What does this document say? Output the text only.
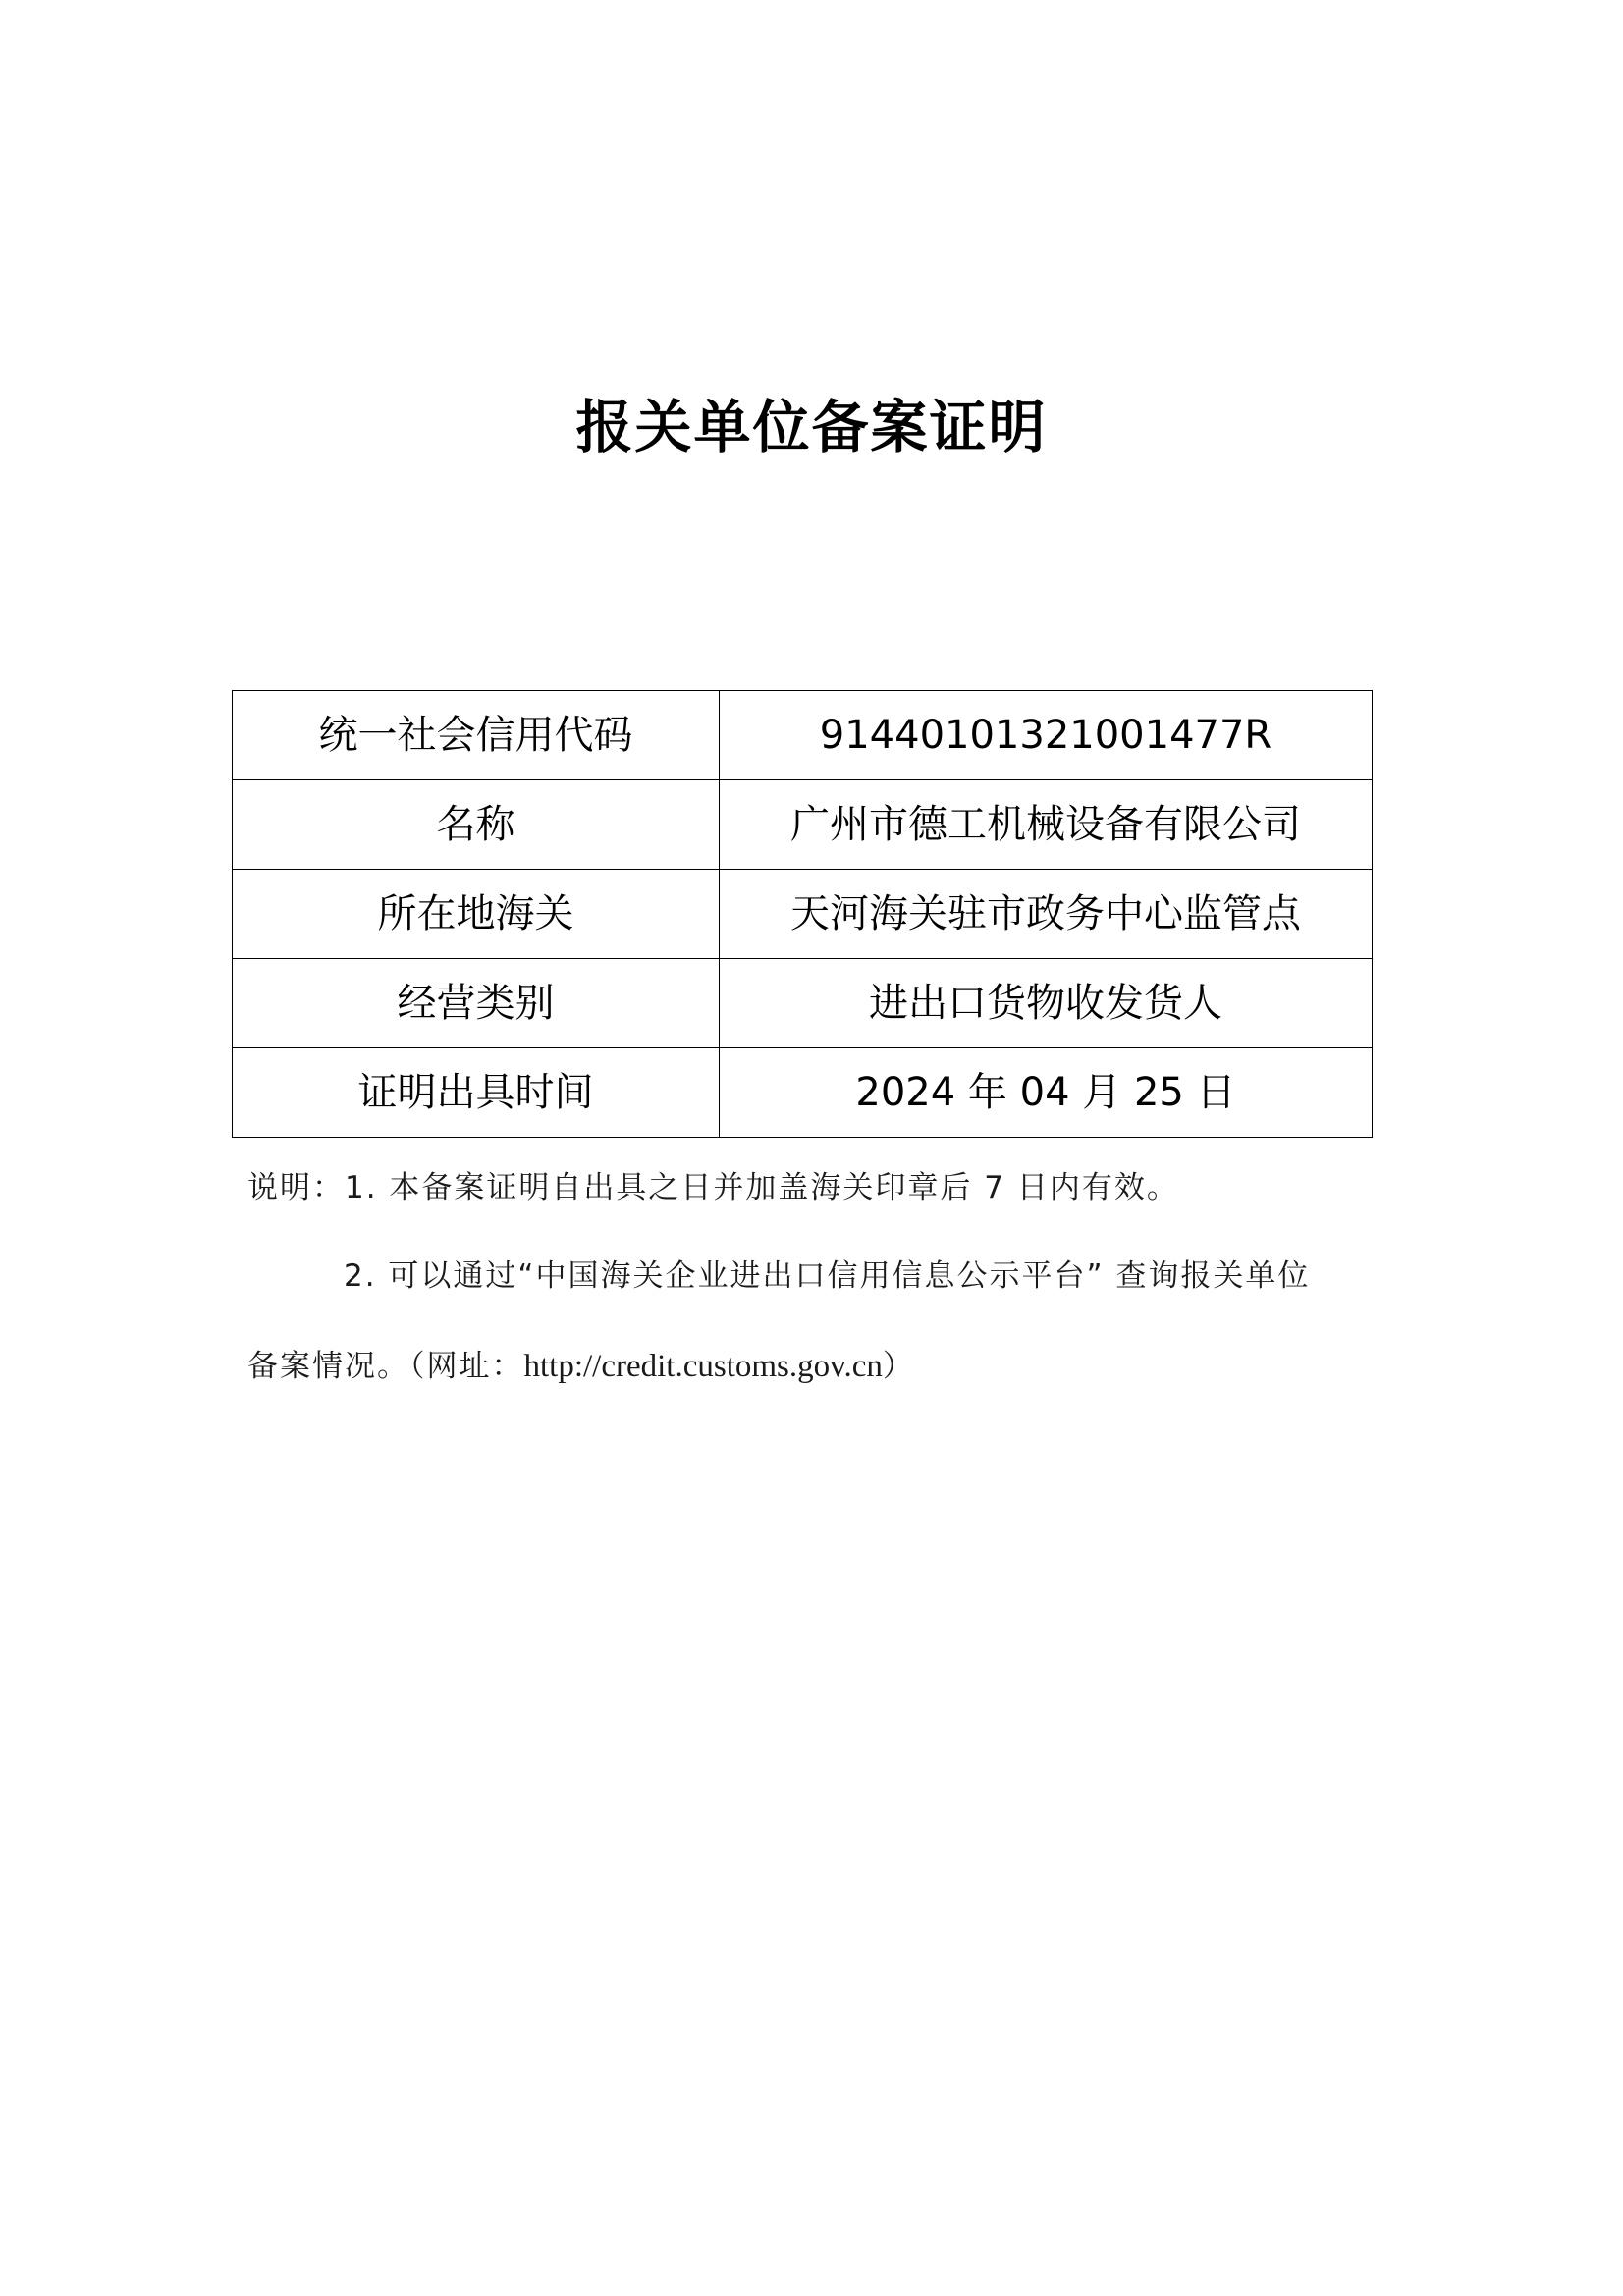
报关单位备案证明
统一社会信用代码	91440101321001477R
名称	广州市德工机械设备有限公司
所在地海关	天河海关驻市政务中心监管点
经营类别	进出口货物收发货人
证明出具时间	2024 年 04 月 25 日
说明：1. 本备案证明自出具之日并加盖海关印章后 7 日内有效。
2. 可以通过“中国海关企业进出口信用信息公示平台” 查询报关单位
备案情况。（网址：http://credit.customs.gov.cn）
